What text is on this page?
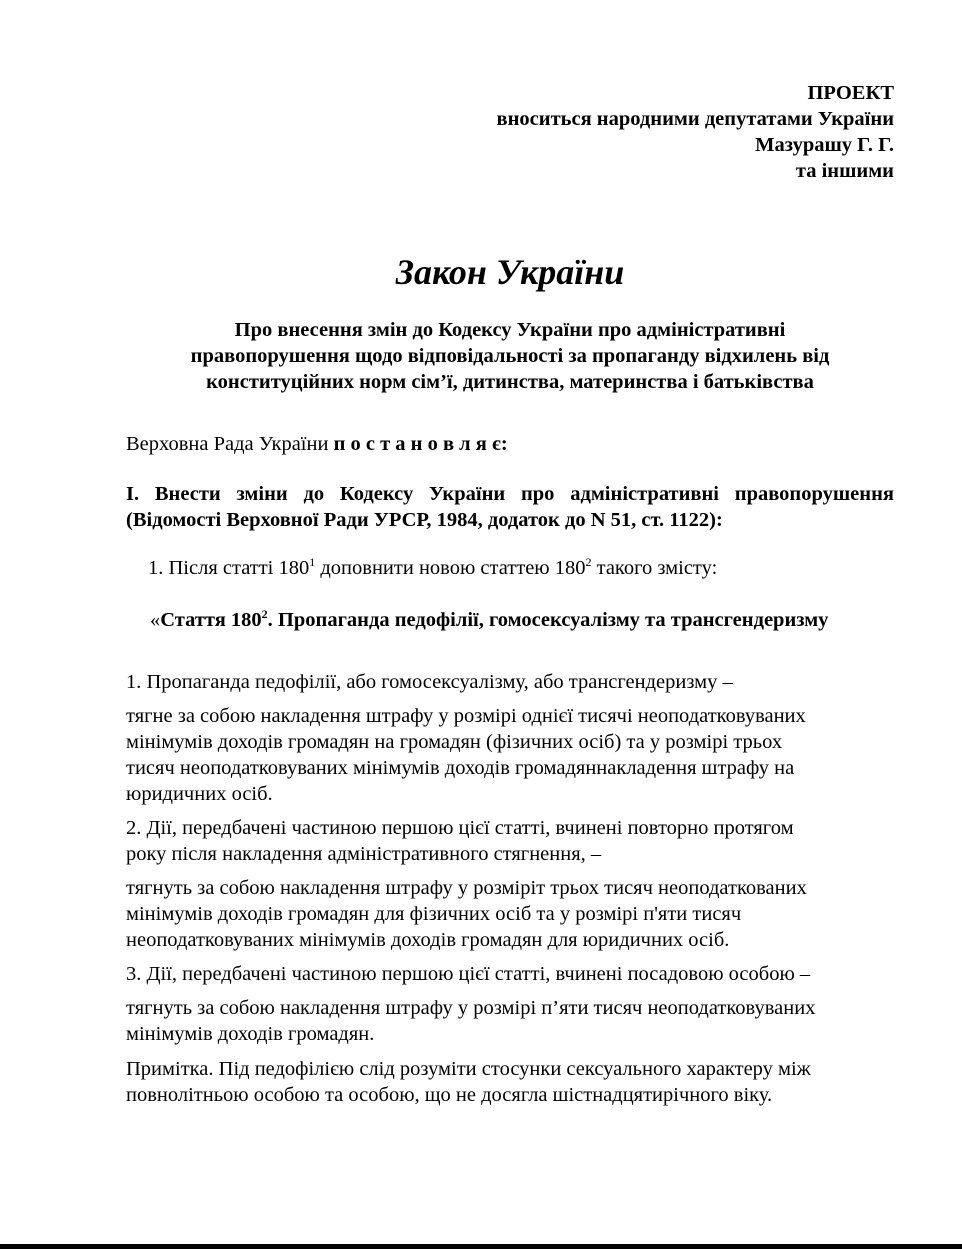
ПРОЕКТ
вноситься народними депутатами України
Мазурашу Г. Г.
та іншими
Закон України
Про внесення змін до Кодексу України про адміністративні
правопорушення щодо відповідальності за пропаганду відхилень від
конституційних норм сім’ї, дитинства, материнства і батьківства
Верховна Рада України п о с т а н о в л я є:
І. Внести зміни до Кодексу України про адміністративні правопорушення
(Відомості Верховної Ради УРСР, 1984, додаток до N 51, ст. 1122):
1. Після статті $180^1$ доповнити новою статтею $180^2$ такого змісту:
«Стаття $180^2$. Пропаганда педофілії, гомосексуалізму та трансгендеризму
1. Пропаганда педофілії, або гомосексуалізму, або трансгендеризму –
тягне за собою накладення штрафу у розмірі однієї тисячі неоподатковуваних
мінімумів доходів громадян на громадян (фізичних осіб) та у розмірі трьох
тисяч неоподатковуваних мінімумів доходів громадяннакладення штрафу на
юридичних осіб.
2. Дії, передбачені частиною першою цієї статті, вчинені повторно протягом
року після накладення адміністративного стягнення, –
тягнуть за собою накладення штрафу у розміріт трьох тисяч неоподаткованих
мінімумів доходів громадян для фізичних осіб та у розмірі п'яти тисяч
неоподатковуваних мінімумів доходів громадян для юридичних осіб.
3. Дії, передбачені частиною першою цієї статті, вчинені посадовою особою –
тягнуть за собою накладення штрафу у розмірі п’яти тисяч неоподатковуваних
мінімумів доходів громадян.
Примітка. Під педофілією слід розуміти стосунки сексуального характеру між
повнолітньою особою та особою, що не досягла шістнадцятирічного віку.
